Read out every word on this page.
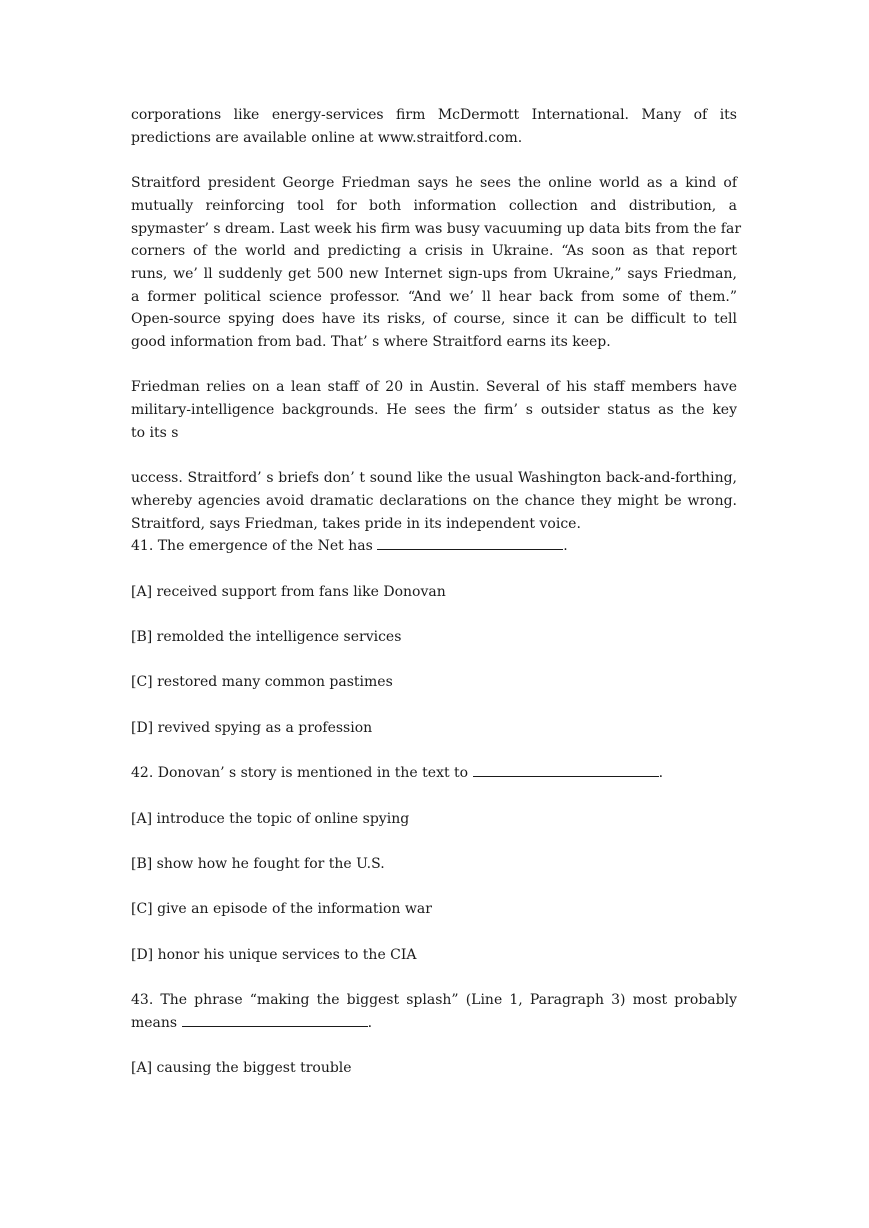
corporations like energy-services firm McDermott International. Many of its
predictions are available online at www.straitford.com.
Straitford president George Friedman says he sees the online world as a kind of
mutually reinforcing tool for both information collection and distribution, a
spymaster’ s dream. Last week his firm was busy vacuuming up data bits from the far
corners of the world and predicting a crisis in Ukraine. “As soon as that report
runs, we’ ll suddenly get 500 new Internet sign-ups from Ukraine,” says Friedman,
a former political science professor. “And we’ ll hear back from some of them.”
Open-source spying does have its risks, of course, since it can be difficult to tell
good information from bad. That’ s where Straitford earns its keep.
Friedman relies on a lean staff of 20 in Austin. Several of his staff members have
military-intelligence backgrounds. He sees the firm’ s outsider status as the key
to its s
uccess. Straitford’ s briefs don’ t sound like the usual Washington back-and-forthing,
whereby agencies avoid dramatic declarations on the chance they might be wrong.
Straitford, says Friedman, takes pride in its independent voice.

41. The emergence of the Net has	.

[A] received support from fans like Donovan

[B] remolded the intelligence services

[C] restored many common pastimes

[D] revived spying as a profession

42. Donovan’ s story is mentioned in the text to	.

[A] introduce the topic of online spying

[B] show how he fought for the U.S.

[C] give an episode of the information war

[D] honor his unique services to the CIA

43. The phrase “making the biggest splash” (Line 1, Paragraph 3) most probably

means	.

[A] causing the biggest trouble
